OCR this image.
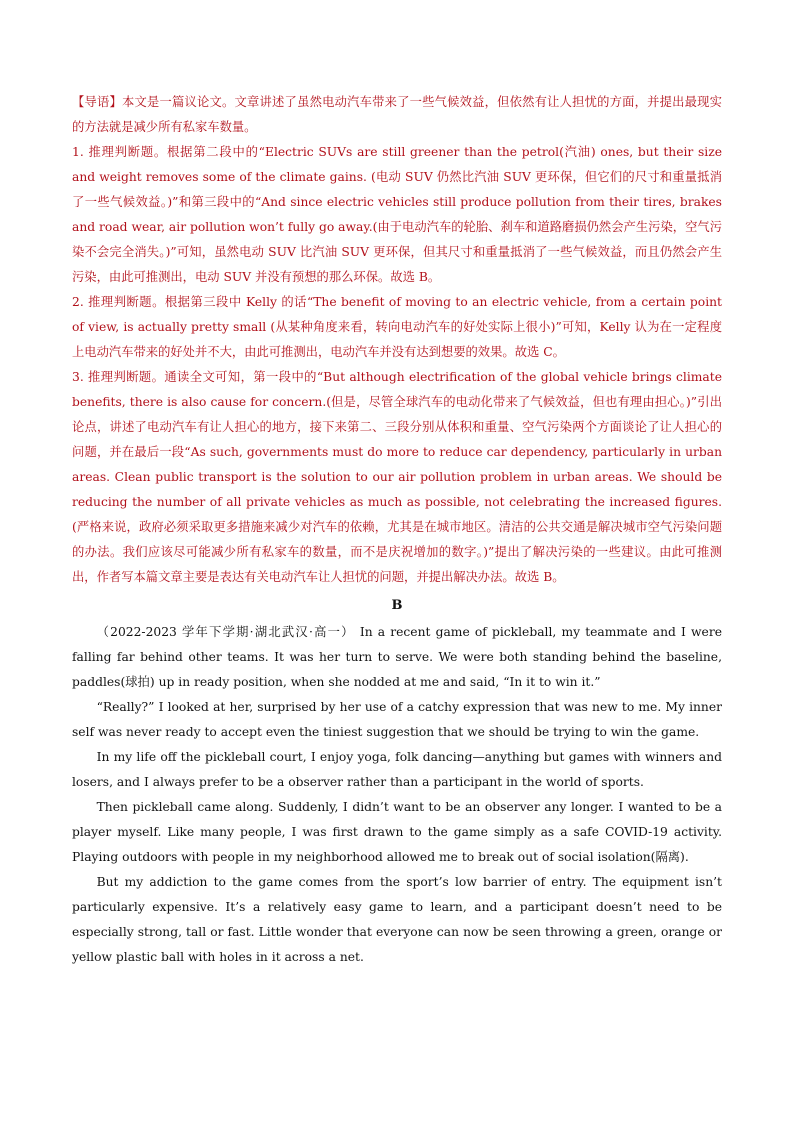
【导语】本文是一篇议论文。文章讲述了虽然电动汽车带来了一些气候效益，但依然有让人担忧的方面，并提出最现实的方法就是减少所有私家车数量。

1. 推理判断题。根据第二段中的“Electric SUVs are still greener than the petrol(汽油) ones, but their size and weight removes some of the climate gains. (电动 SUV 仍然比汽油 SUV 更环保，但它们的尺寸和重量抵消了一些气候效益。)”和第三段中的“And since electric vehicles still produce pollution from their tires, brakes and road wear, air pollution won’t fully go away.(由于电动汽车的轮胎、刹车和道路磨损仍然会产生污染，空气污染不会完全消失。)”可知，虽然电动 SUV 比汽油 SUV 更环保，但其尺寸和重量抵消了一些气候效益，而且仍然会产生污染，由此可推测出，电动 SUV 并没有预想的那么环保。故选 B。

2. 推理判断题。根据第三段中 Kelly 的话“The benefit of moving to an electric vehicle, from a certain point of view, is actually pretty small (从某种角度来看，转向电动汽车的好处实际上很小)”可知，Kelly 认为在一定程度上电动汽车带来的好处并不大，由此可推测出，电动汽车并没有达到想要的效果。故选 C。

3. 推理判断题。通读全文可知，第一段中的“But although electrification of the global vehicle brings climate benefits, there is also cause for concern.(但是，尽管全球汽车的电动化带来了气候效益，但也有理由担心。)”引出论点，讲述了电动汽车有让人担心的地方，接下来第二、三段分别从体积和重量、空气污染两个方面谈论了让人担心的问题，并在最后一段“As such, governments must do more to reduce car dependency, particularly in urban areas. Clean public transport is the solution to our air pollution problem in urban areas. We should be reducing the number of all private vehicles as much as possible, not celebrating the increased figures. (严格来说，政府必须采取更多措施来减少对汽车的依赖，尤其是在城市地区。清洁的公共交通是解决城市空气污染问题的办法。我们应该尽可能减少所有私家车的数量，而不是庆祝增加的数字。)”提出了解决污染的一些建议。由此可推测出，作者写本篇文章主要是表达有关电动汽车让人担忧的问题，并提出解决办法。故选 B。

B

（2022-2023 学年下学期·湖北武汉·高一） In a recent game of pickleball, my teammate and I were falling far behind other teams. It was her turn to serve. We were both standing behind the baseline, paddles(球拍) up in ready position, when she nodded at me and said, “In it to win it.”

“Really?” I looked at her, surprised by her use of a catchy expression that was new to me. My inner self was never ready to accept even the tiniest suggestion that we should be trying to win the game.

In my life off the pickleball court, I enjoy yoga, folk dancing—anything but games with winners and losers, and I always prefer to be a observer rather than a participant in the world of sports.

Then pickleball came along. Suddenly, I didn’t want to be an observer any longer. I wanted to be a player myself. Like many people, I was first drawn to the game simply as a safe COVID-19 activity. Playing outdoors with people in my neighborhood allowed me to break out of social isolation(隔离).

But my addiction to the game comes from the sport’s low barrier of entry. The equipment isn’t particularly expensive. It’s a relatively easy game to learn, and a participant doesn’t need to be especially strong, tall or fast. Little wonder that everyone can now be seen throwing a green, orange or yellow plastic ball with holes in it across a net.
